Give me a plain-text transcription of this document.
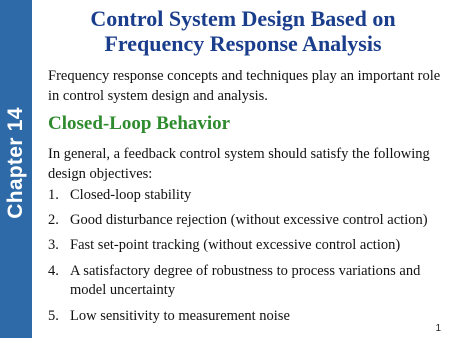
Chapter 14
Control System Design Based on
Frequency Response Analysis

Frequency response concepts and techniques play an important role in control system design and analysis.

Closed-Loop Behavior

In general, a feedback control system should satisfy the following design objectives:

1. Closed-loop stability
2. Good disturbance rejection (without excessive control action)
3. Fast set-point tracking (without excessive control action)
4. A satisfactory degree of robustness to process variations and model uncertainty
5. Low sensitivity to measurement noise
1
